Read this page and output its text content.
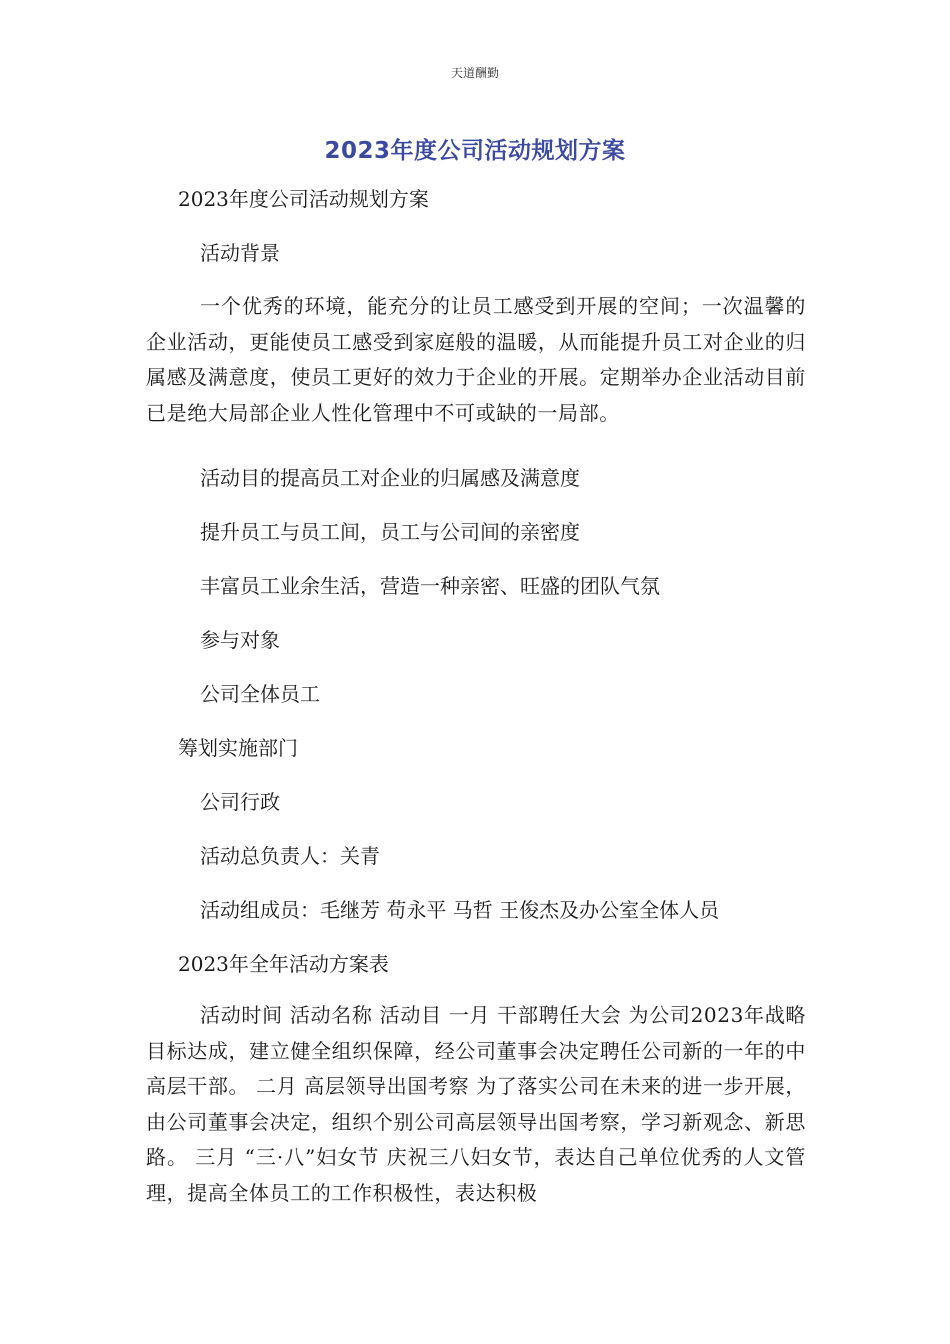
天道酬勤
2023年度公司活动规划方案
2023年度公司活动规划方案
活动背景
一个优秀的环境，能充分的让员工感受到开展的空间；一次温馨的企业活动，更能使员工感受到家庭般的温暖，从而能提升员工对企业的归属感及满意度，使员工更好的效力于企业的开展。定期举办企业活动目前已是绝大局部企业人性化管理中不可或缺的一局部。
活动目的提高员工对企业的归属感及满意度
提升员工与员工间，员工与公司间的亲密度
丰富员工业余生活，营造一种亲密、旺盛的团队气氛
参与对象
公司全体员工
筹划实施部门
公司行政
活动总负责人：关青
活动组成员：毛继芳 苟永平 马哲 王俊杰及办公室全体人员
2023年全年活动方案表
活动时间 活动名称 活动目 一月 干部聘任大会 为公司2023年战略目标达成，建立健全组织保障，经公司董事会决定聘任公司新的一年的中高层干部。 二月 高层领导出国考察 为了落实公司在未来的进一步开展，由公司董事会决定，组织个别公司高层领导出国考察，学习新观念、新思路。 三月 “三·八”妇女节 庆祝三八妇女节，表达自己单位优秀的人文管理，提高全体员工的工作积极性，表达积极
